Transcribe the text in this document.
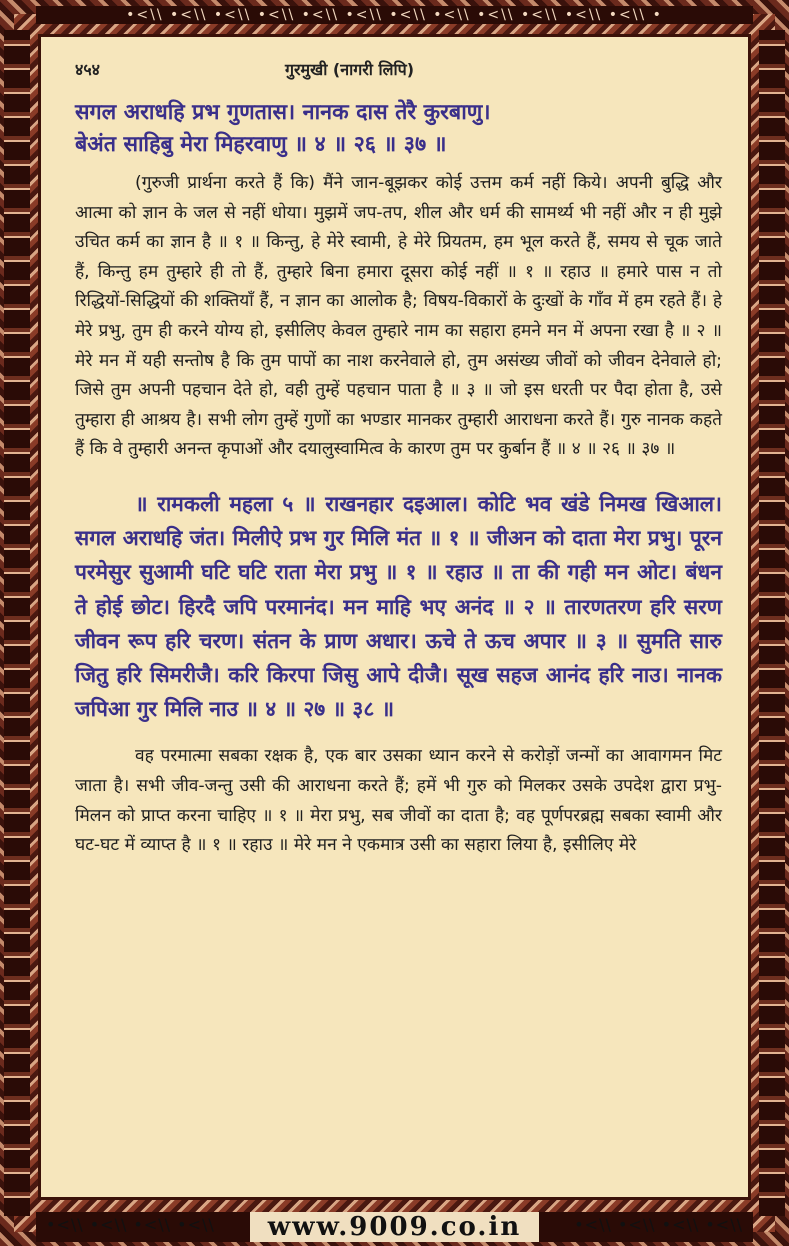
•<\\ •<\\ •<\\ •<\\ •<\\ •<\\ •<\\ •<\\ •<\\ •<\\ •<\\ •<\\ •
४५४	गुरमुखी (नागरी लिपि)

सगल अराधहि प्रभ गुणतास। नानक दास तेरै कुरबाणु।

बेअंत साहिबु मेरा मिहरवाणु ॥ ४ ॥ २६ ॥ ३७ ॥

(गुरुजी प्रार्थना करते हैं कि) मैंने जान-बूझकर कोई उत्तम कर्म नहीं किये। अपनी बुद्धि और आत्मा को ज्ञान के जल से नहीं धोया। मुझमें जप-तप, शील और धर्म की सामर्थ्य भी नहीं और न ही मुझे उचित कर्म का ज्ञान है ॥ १ ॥ किन्तु, हे मेरे स्वामी, हे मेरे प्रियतम, हम भूल करते हैं, समय से चूक जाते हैं, किन्तु हम तुम्हारे ही तो हैं, तुम्हारे बिना हमारा दूसरा कोई नहीं ॥ १ ॥ रहाउ ॥ हमारे पास न तो रिद्धियों-सिद्धियों की शक्तियाँ हैं, न ज्ञान का आलोक है; विषय-विकारों के दुःखों के गाँव में हम रहते हैं। हे मेरे प्रभु, तुम ही करने योग्य हो, इसीलिए केवल तुम्हारे नाम का सहारा हमने मन में अपना रखा है ॥ २ ॥ मेरे मन में यही सन्तोष है कि तुम पापों का नाश करनेवाले हो, तुम असंख्य जीवों को जीवन देनेवाले हो; जिसे तुम अपनी पहचान देते हो, वही तुम्हें पहचान पाता है ॥ ३ ॥ जो इस धरती पर पैदा होता है, उसे तुम्हारा ही आश्रय है। सभी लोग तुम्हें गुणों का भण्डार मानकर तुम्हारी आराधना करते हैं। गुरु नानक कहते हैं कि वे तुम्हारी अनन्त कृपाओं और दयालुस्वामित्व के कारण तुम पर कुर्बान हैं ॥ ४ ॥ २६ ॥ ३७ ॥

॥ रामकली महला ५ ॥ राखनहार दइआल। कोटि भव खंडे निमख खिआल। सगल अराधहि जंत। मिलीऐ प्रभ गुर मिलि मंत ॥ १ ॥ जीअन को दाता मेरा प्रभु। पूरन परमेसुर सुआमी घटि घटि राता मेरा प्रभु ॥ १ ॥ रहाउ ॥ ता की गही मन ओट। बंधन ते होई छोट। हिरदै जपि परमानंद। मन माहि भए अनंद ॥ २ ॥ तारणतरण हरि सरण जीवन रूप हरि चरण। संतन के प्राण अधार। ऊचे ते ऊच अपार ॥ ३ ॥ सुमति सारु जितु हरि सिमरीजै। करि किरपा जिसु आपे दीजै। सूख सहज आनंद हरि नाउ। नानक जपिआ गुर मिलि नाउ ॥ ४ ॥ २७ ॥ ३८ ॥

वह परमात्मा सबका रक्षक है, एक बार उसका ध्यान करने से करोड़ों जन्मों का आवागमन मिट जाता है। सभी जीव-जन्तु उसी की आराधना करते हैं; हमें भी गुरु को मिलकर उसके उपदेश द्वारा प्रभु-मिलन को प्राप्त करना चाहिए ॥ १ ॥ मेरा प्रभु, सब जीवों का दाता है; वह पूर्णपरब्रह्म सबका स्वामी और घट-घट में व्याप्त है ॥ १ ॥ रहाउ ॥ मेरे मन ने एकमात्र उसी का सहारा लिया है, इसीलिए मेरे

•<\\ •<\\ •<\\ •<\\	www.9009.co.in	•<\\ •<\\ •<\\ •<\\
